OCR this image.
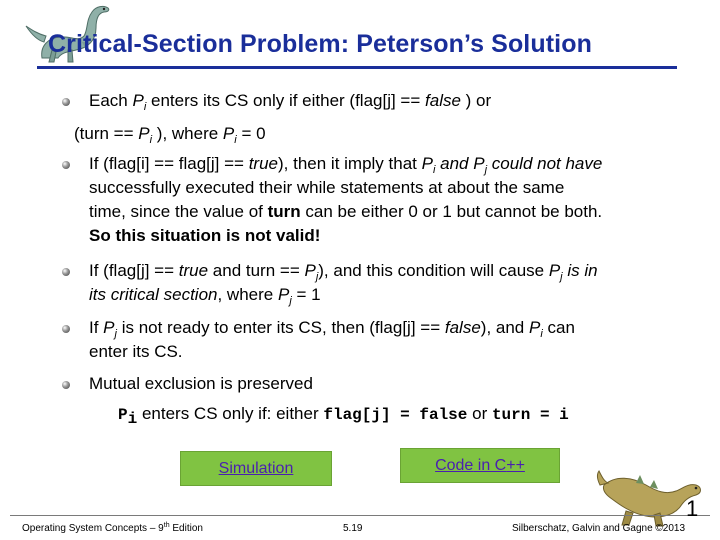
Critical-Section Problem: Peterson’s Solution

Each $P_i$ enters its CS only if either (flag[j] == false ) or

(turn == $P_i$ ), where $P_i = 0$

If (flag[i] == flag[j] == true), then it imply that $P_i$ and $P_j$ could not have
successfully executed their while statements at about the same
time, since the value of turn can be either 0 or 1 but cannot be both.
So this situation is not valid!
If (flag[j] == true and turn == $P_j$), and this condition will cause $P_j$ is in
its critical section, where $P_j = 1$
If $P_j$ is not ready to enter its CS, then (flag[j] == false), and $P_i$ can
enter its CS.

Mutual exclusion is preserved

$P_i$ enters CS only if: either flag[j] = false or turn = i

Simulation	Code in C++
Operating System Concepts – 9th Edition	5.19	Silberschatz, Galvin and Gagne ©2013
1
